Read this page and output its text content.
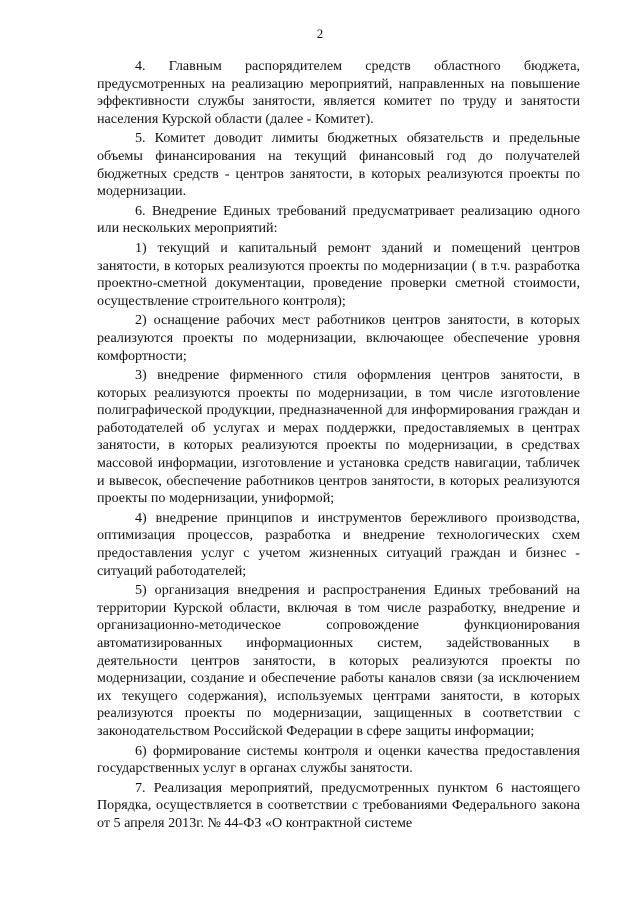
2

4. Главным распорядителем средств областного бюджета, предусмотренных на реализацию мероприятий, направленных на повышение эффективности службы занятости, является комитет по труду и занятости населения Курской области (далее - Комитет).

5. Комитет доводит лимиты бюджетных обязательств и предельные объемы финансирования на текущий финансовый год до получателей бюджетных средств - центров занятости, в которых реализуются проекты по модернизации.

6. Внедрение Единых требований предусматривает реализацию одного или нескольких мероприятий:

1) текущий и капитальный ремонт зданий и помещений центров занятости, в которых реализуются проекты по модернизации ( в т.ч. разработка проектно-сметной документации, проведение проверки сметной стоимости, осуществление строительного контроля);

2) оснащение рабочих мест работников центров занятости, в которых реализуются проекты по модернизации, включающее обеспечение уровня комфортности;

3) внедрение фирменного стиля оформления центров занятости, в которых реализуются проекты по модернизации, в том числе изготовление полиграфической продукции, предназначенной для информирования граждан и работодателей об услугах и мерах поддержки, предоставляемых в центрах занятости, в которых реализуются проекты по модернизации, в средствах массовой информации, изготовление и установка средств навигации, табличек и вывесок, обеспечение работников центров занятости, в которых реализуются проекты по модернизации, униформой;

4) внедрение принципов и инструментов бережливого производства, оптимизация процессов, разработка и внедрение технологических схем предоставления услуг с учетом жизненных ситуаций граждан и бизнес - ситуаций работодателей;

5) организация внедрения и распространения Единых требований на территории Курской области, включая в том числе разработку, внедрение и организационно-методическое сопровождение функционирования автоматизированных информационных систем, задействованных в деятельности центров занятости, в которых реализуются проекты по модернизации, создание и обеспечение работы каналов связи (за исключением их текущего содержания), используемых центрами занятости, в которых реализуются проекты по модернизации, защищенных в соответствии с законодательством Российской Федерации в сфере защиты информации;

6) формирование системы контроля и оценки качества предоставления государственных услуг в органах службы занятости.

7. Реализация мероприятий, предусмотренных пунктом 6 настоящего Порядка, осуществляется в соответствии с требованиями Федерального закона от 5 апреля 2013г. № 44-ФЗ «О контрактной системе
